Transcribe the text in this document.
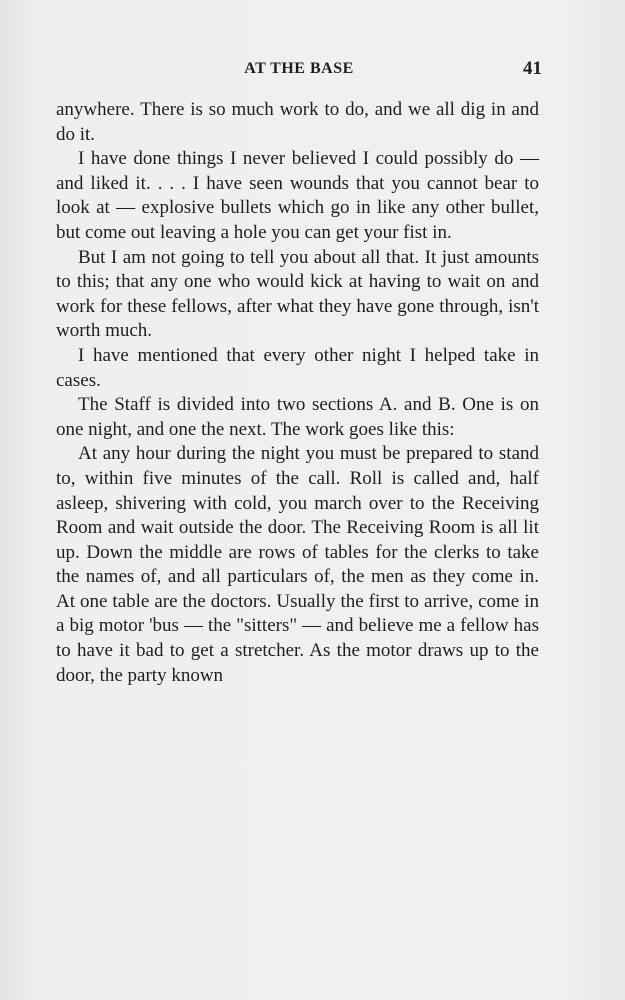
AT THE BASE	41

anywhere. There is so much work to do, and we all dig in and do it.

I have done things I never believed I could possibly do — and liked it. . . . I have seen wounds that you cannot bear to look at — explosive bullets which go in like any other bullet, but come out leaving a hole you can get your fist in.

But I am not going to tell you about all that. It just amounts to this; that any one who would kick at having to wait on and work for these fellows, after what they have gone through, isn't worth much.

I have mentioned that every other night I helped take in cases.

The Staff is divided into two sections A. and B. One is on one night, and one the next. The work goes like this:

At any hour during the night you must be prepared to stand to, within five minutes of the call. Roll is called and, half asleep, shivering with cold, you march over to the Receiving Room and wait outside the door. The Receiving Room is all lit up. Down the middle are rows of tables for the clerks to take the names of, and all particulars of, the men as they come in. At one table are the doctors. Usually the first to arrive, come in a big motor 'bus — the "sitters" — and believe me a fellow has to have it bad to get a stretcher. As the motor draws up to the door, the party known
